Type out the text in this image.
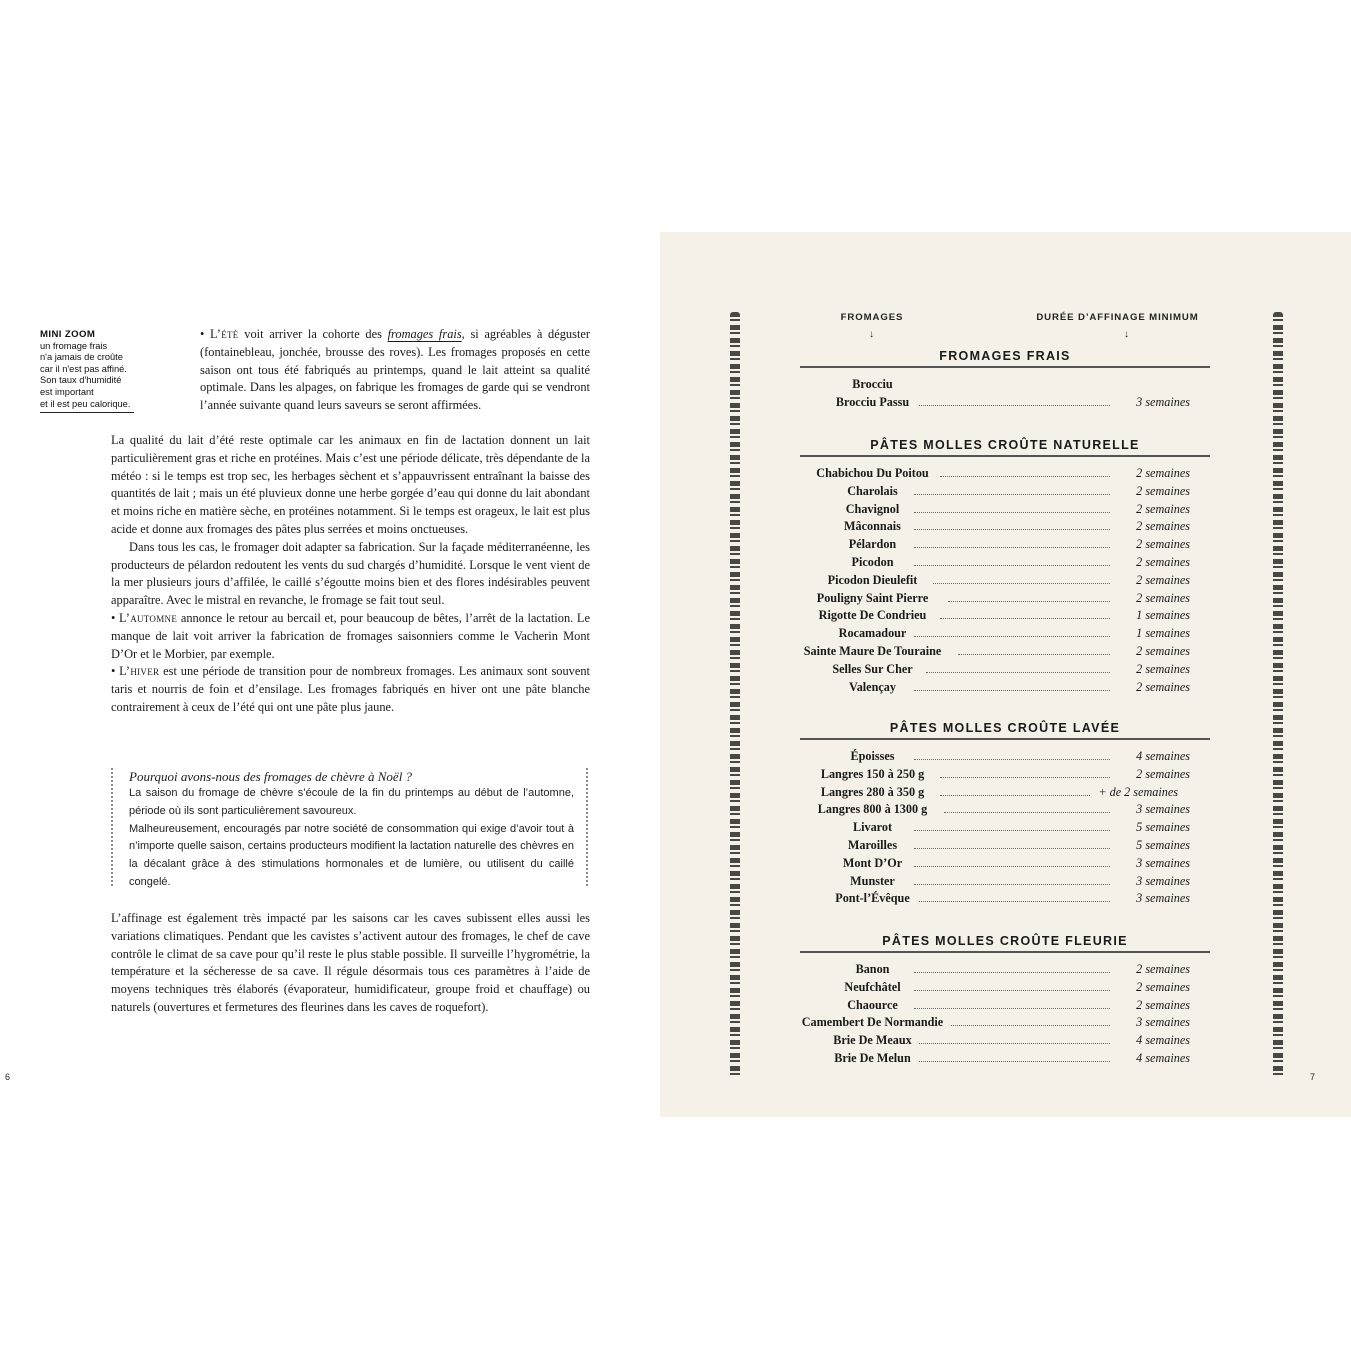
MINI ZOOM
un fromage frais
n'a jamais de croûte
car il n'est pas affiné.
Son taux d'humidité
est important
et il est peu calorique.

• L’été voit arriver la cohorte des fromages frais, si agréables à déguster (fontainebleau, jonchée, brousse des roves). Les fromages proposés en cette saison ont tous été fabriqués au printemps, quand le lait atteint sa qualité optimale. Dans les alpages, on fabrique les fromages de garde qui se vendront l’année suivante quand leurs saveurs se seront affirmées.

La qualité du lait d’été reste optimale car les animaux en fin de lactation donnent un lait particulièrement gras et riche en protéines. Mais c’est une période délicate, très dépendante de la météo : si le temps est trop sec, les herbages sèchent et s’appauvrissent entraînant la baisse des quantités de lait ; mais un été pluvieux donne une herbe gorgée d’eau qui donne du lait abondant et moins riche en matière sèche, en protéines notamment. Si le temps est orageux, le lait est plus acide et donne aux fromages des pâtes plus serrées et moins onctueuses.

Dans tous les cas, le fromager doit adapter sa fabrication. Sur la façade méditerranéenne, les producteurs de pélardon redoutent les vents du sud chargés d’humidité. Lorsque le vent vient de la mer plusieurs jours d’affilée, le caillé s’égoutte moins bien et des flores indésirables peuvent apparaître. Avec le mistral en revanche, le fromage se fait tout seul.

• L’automne annonce le retour au bercail et, pour beaucoup de bêtes, l’arrêt de la lactation. Le manque de lait voit arriver la fabrication de fromages saisonniers comme le Vacherin Mont D’Or et le Morbier, par exemple.

• L’hiver est une période de transition pour de nombreux fromages. Les animaux sont souvent taris et nourris de foin et d’ensilage. Les fromages fabriqués en hiver ont une pâte blanche contrairement à ceux de l’été qui ont une pâte plus jaune.

Pourquoi avons-nous des fromages de chèvre à Noël ?
La saison du fromage de chèvre s’écoule de la fin du printemps au début de l’automne, période où ils sont particulièrement savoureux.
Malheureusement, encouragés par notre société de consommation qui exige d’avoir tout à n’importe quelle saison, certains producteurs modifient la lactation naturelle des chèvres en la décalant grâce à des stimulations hormonales et de lumière, ou utilisent du caillé congelé.

L’affinage est également très impacté par les saisons car les caves subissent elles aussi les variations climatiques. Pendant que les cavistes s’activent autour des fromages, le chef de cave contrôle le climat de sa cave pour qu’il reste le plus stable possible. Il surveille l’hygrométrie, la température et la sécheresse de sa cave. Il régule désormais tous ces paramètres à l’aide de moyens techniques très élaborés (évaporateur, humidificateur, groupe froid et chauffage) ou naturels (ouvertures et fermetures des fleurines dans les caves de roquefort).

6
FROMAGES	DURÉE D’AFFINAGE MINIMUM
↓	↓
FROMAGES FRAIS
Brocciu
Brocciu Passu	3 semaines
PÂTES MOLLES CROÛTE NATURELLE
Chabichou Du Poitou	2 semaines
Charolais	2 semaines
Chavignol	2 semaines
Mâconnais	2 semaines
Pélardon	2 semaines
Picodon	2 semaines
Picodon Dieulefit	2 semaines
Pouligny Saint Pierre	2 semaines
Rigotte De Condrieu	1 semaines
Rocamadour	1 semaines
Sainte Maure De Touraine	2 semaines
Selles Sur Cher	2 semaines
Valençay	2 semaines
PÂTES MOLLES CROÛTE LAVÉE
Époisses	4 semaines
Langres 150 à 250 g	2 semaines
Langres 280 à 350 g	+ de 2 semaines
Langres 800 à 1300 g	3 semaines
Livarot	5 semaines
Maroilles	5 semaines
Mont D’Or	3 semaines
Munster	3 semaines
Pont-l’Évêque	3 semaines
PÂTES MOLLES CROÛTE FLEURIE
Banon	2 semaines
Neufchâtel	2 semaines
Chaource	2 semaines
Camembert De Normandie	3 semaines
Brie De Meaux	4 semaines
Brie De Melun	4 semaines
7
